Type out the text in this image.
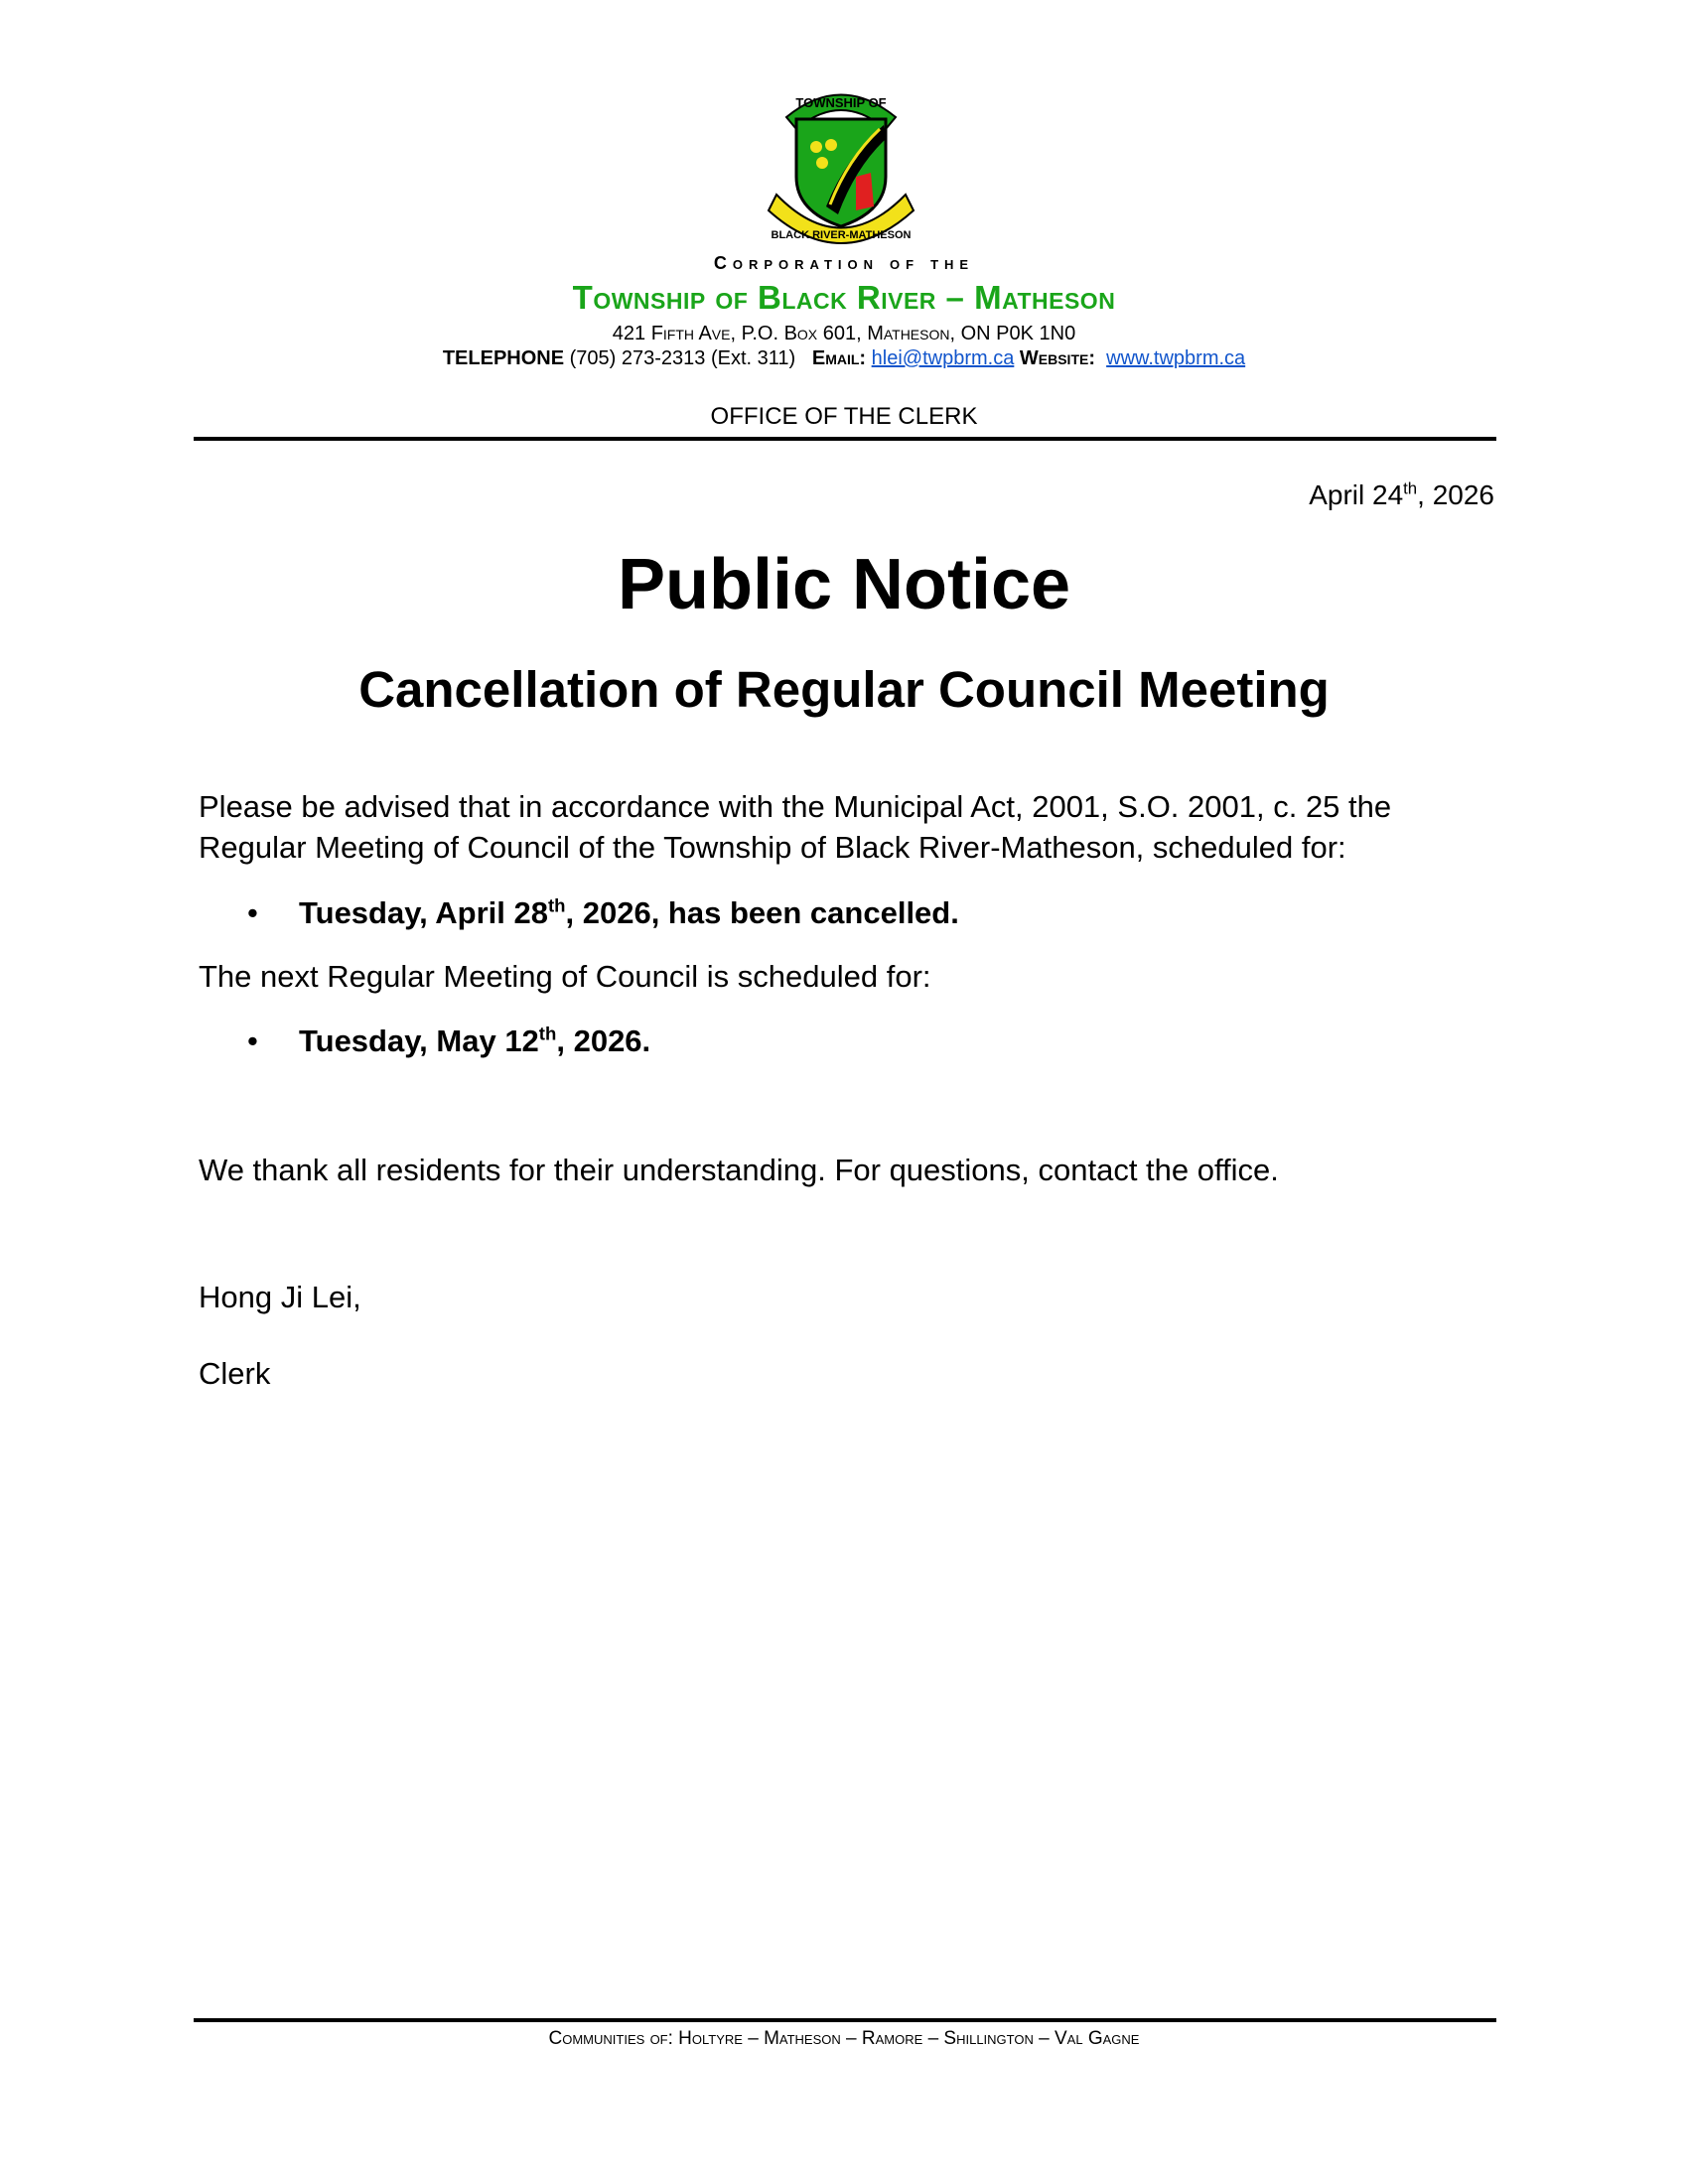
TOWNSHIP OF
BLACK RIVER-MATHESON
Corporation of the
Township of Black River – Matheson
421 Fifth Ave, P.O. Box 601, Matheson, ON P0K 1N0
TELEPHONE (705) 273-2313 (Ext. 311)   Email: hlei@twpbrm.ca Website:  www.twpbrm.ca
OFFICE OF THE CLERK
April 24th, 2026
Public Notice
Cancellation of Regular Council Meeting
Please be advised that in accordance with the Municipal Act, 2001, S.O. 2001, c. 25 the Regular Meeting of Council of the Township of Black River-Matheson, scheduled for:
• Tuesday, April 28th, 2026, has been cancelled.
The next Regular Meeting of Council is scheduled for:
• Tuesday, May 12th, 2026.
We thank all residents for their understanding. For questions, contact the office.
Hong Ji Lei,
Clerk
Communities of: Holtyre – Matheson – Ramore – Shillington – Val Gagne
